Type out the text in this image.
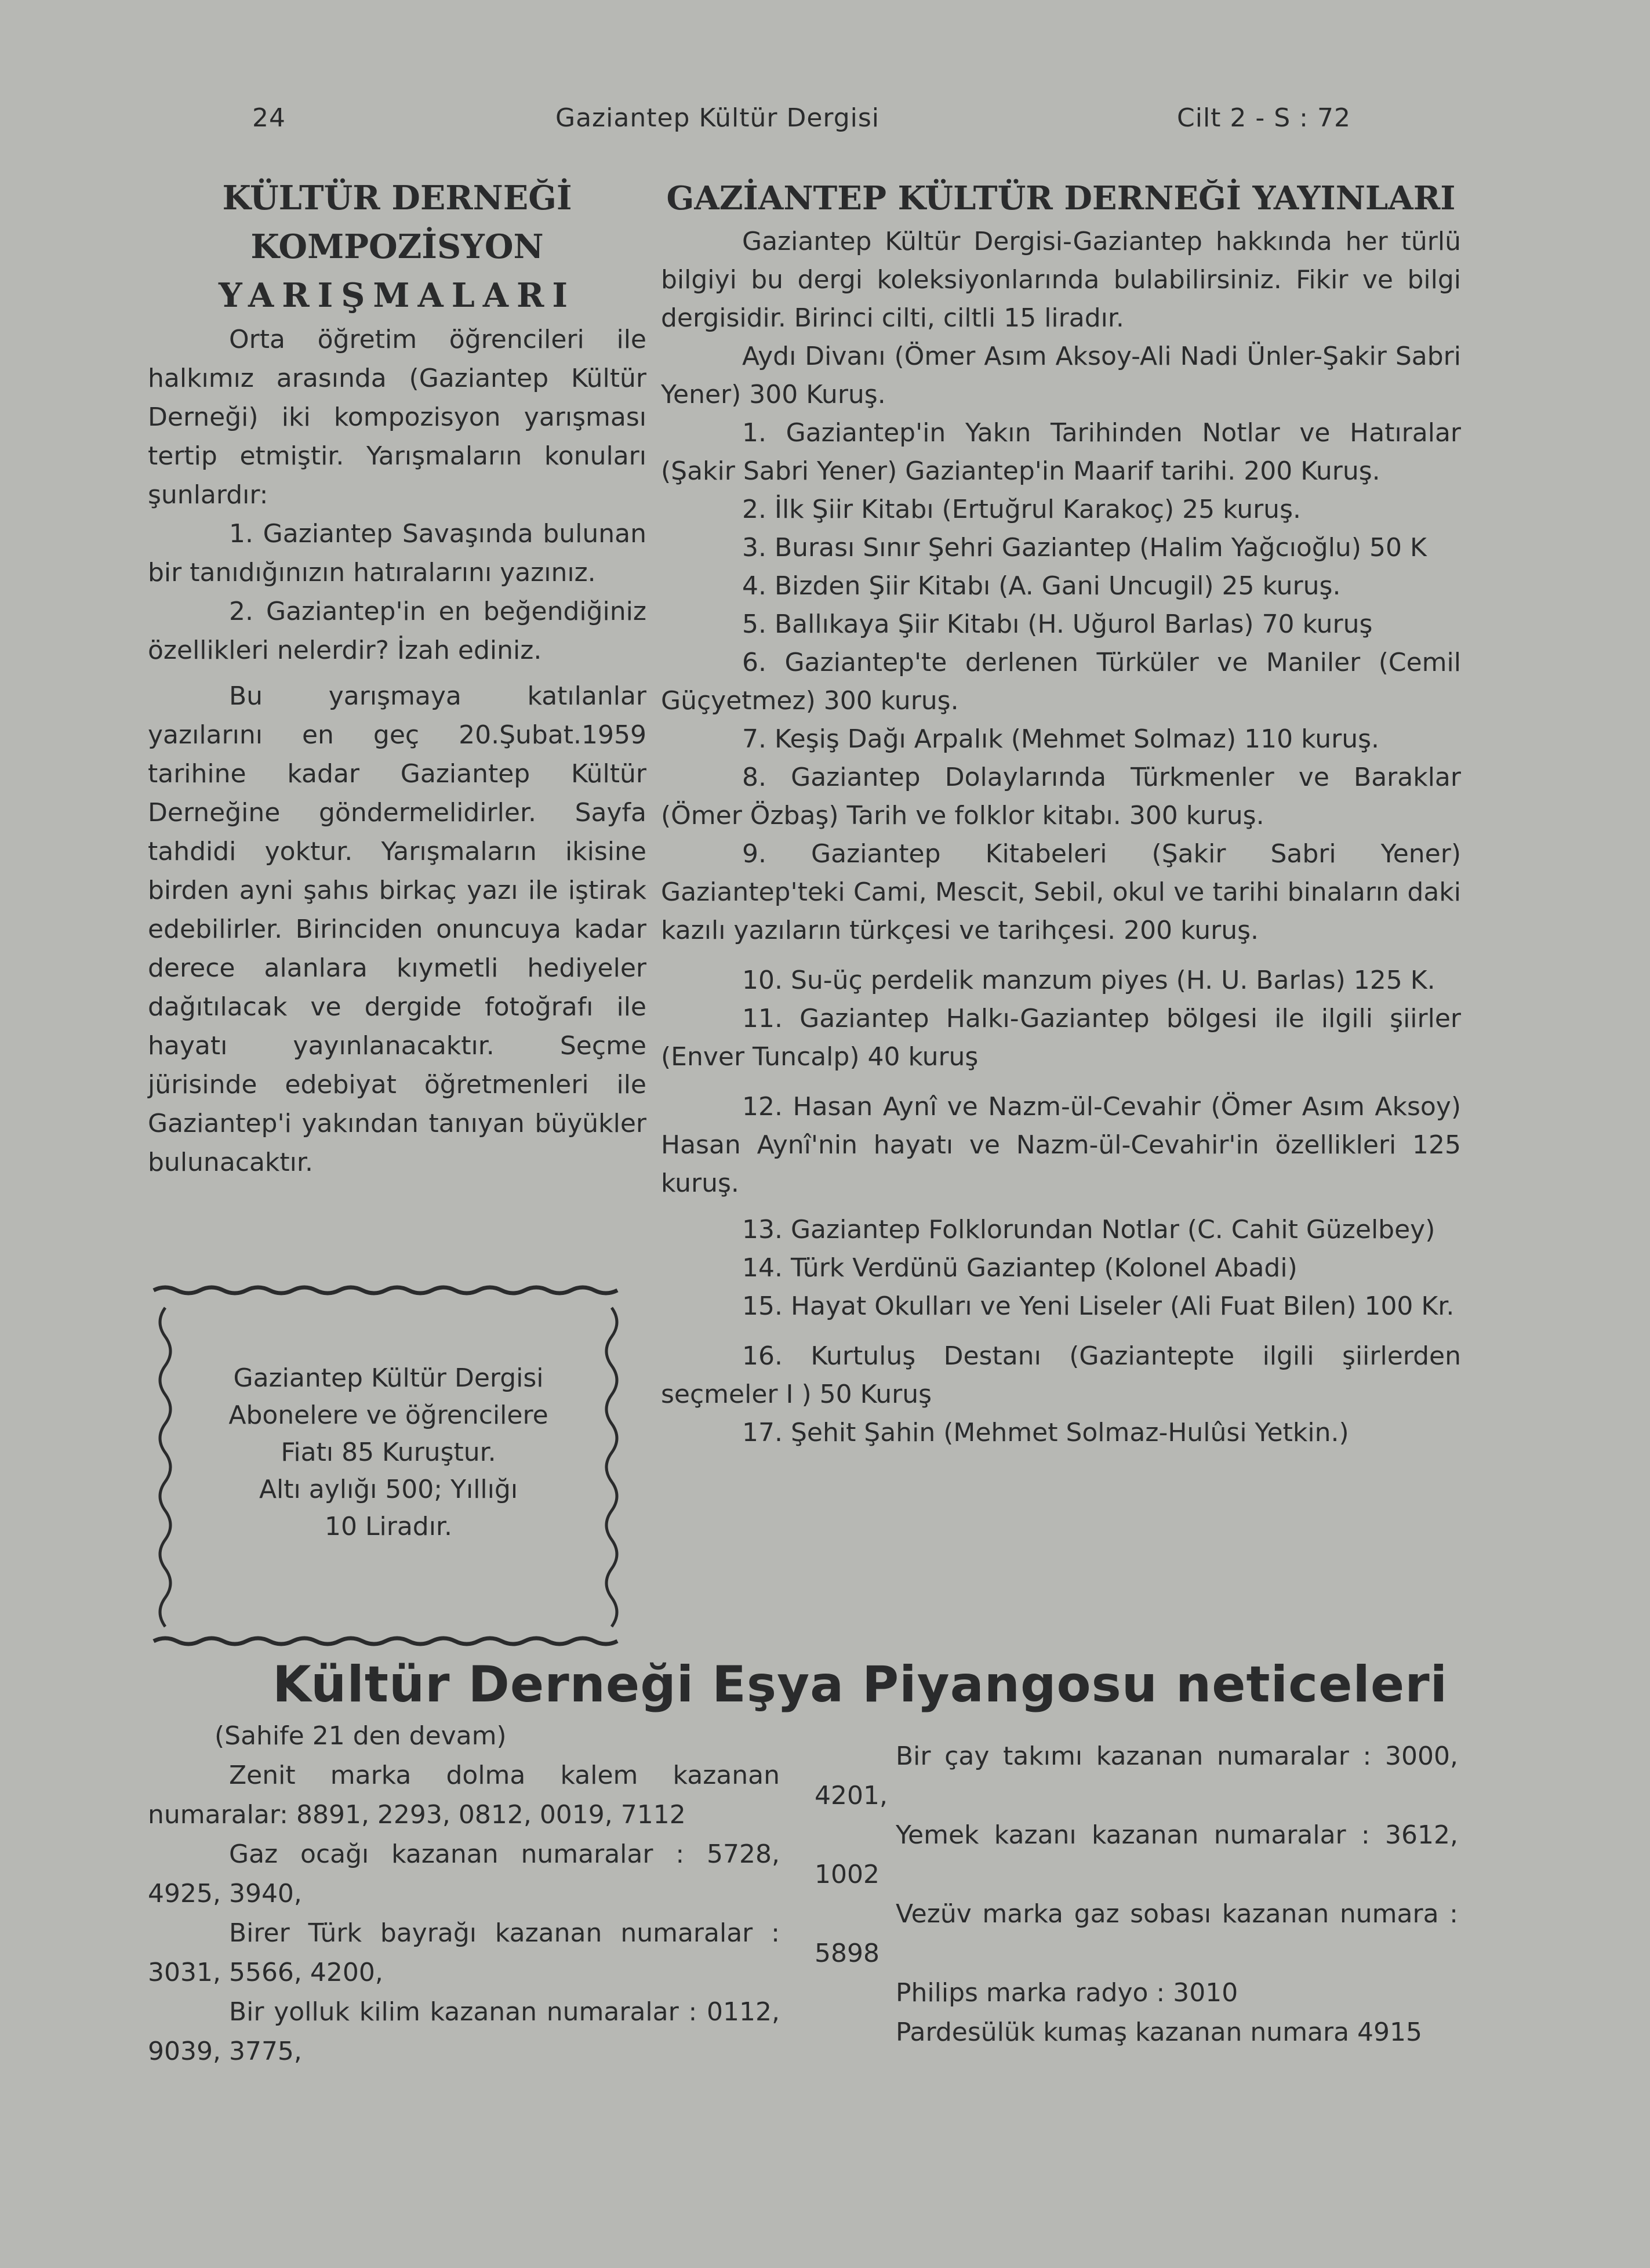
24	Gaziantep Kültür Dergisi	Cilt 2 - S : 72
KÜLTÜR DERNEĞİ
KOMPOZİSYON
YARIŞMALARI

Orta öğretim öğrencileri ile halkımız arasında (Gaziantep Kültür Derneği) iki kompozisyon yarışması tertip etmiştir. Yarışmaların konuları şunlardır:

1. Gaziantep Savaşında bulunan bir tanıdığınızın hatıralarını yazınız.

2. Gaziantep'in en beğendiğiniz özellikleri nelerdir? İzah ediniz.

Bu yarışmaya katılanlar yazılarını en geç 20.Şubat.1959 tarihine kadar Gaziantep Kültür Derneğine göndermelidirler. Sayfa tahdidi yoktur. Yarışmaların ikisine birden ayni şahıs birkaç yazı ile iştirak edebilirler. Birinciden onuncuya kadar derece alanlara kıymetli hediyeler dağıtılacak ve dergide fotoğrafı ile hayatı yayınlanacaktır. Seçme jürisinde edebiyat öğretmenleri ile Gaziantep'i yakından tanıyan büyükler bulunacaktır.

Gaziantep Kültür Dergisi
Abonelere ve öğrencilere
Fiatı 85 Kuruştur.
Altı aylığı 500; Yıllığı
10 Liradır.
GAZİANTEP KÜLTÜR DERNEĞİ YAYINLARI

Gaziantep Kültür Dergisi-Gaziantep hakkında her türlü bilgiyi bu dergi koleksiyonlarında bulabilirsiniz. Fikir ve bilgi dergisidir. Birinci cilti, ciltli 15 liradır.

Aydı Divanı (Ömer Asım Aksoy-Ali Nadi Ünler-Şakir Sabri Yener) 300 Kuruş.

1. Gaziantep'in Yakın Tarihinden Notlar ve Hatıralar (Şakir Sabri Yener) Gaziantep'in Maarif tarihi. 200 Kuruş.

2. İlk Şiir Kitabı (Ertuğrul Karakoç) 25 kuruş.

3. Burası Sınır Şehri Gaziantep (Halim Yağcıoğlu) 50 K

4. Bizden Şiir Kitabı (A. Gani Uncugil) 25 kuruş.

5. Ballıkaya Şiir Kitabı (H. Uğurol Barlas) 70 kuruş

6. Gaziantep'te derlenen Türküler ve Maniler (Cemil Güçyetmez) 300 kuruş.

7. Keşiş Dağı Arpalık (Mehmet Solmaz) 110 kuruş.

8. Gaziantep Dolaylarında Türkmenler ve Baraklar (Ömer Özbaş) Tarih ve folklor kitabı. 300 kuruş.

9. Gaziantep Kitabeleri (Şakir Sabri Yener) Gaziantep'teki Cami, Mescit, Sebil, okul ve tarihi binaların daki kazılı yazıların türkçesi ve tarihçesi. 200 kuruş.

10. Su-üç perdelik manzum piyes (H. U. Barlas) 125 K.

11. Gaziantep Halkı-Gaziantep bölgesi ile ilgili şiirler (Enver Tuncalp) 40 kuruş

12. Hasan Aynî ve Nazm-ül-Cevahir (Ömer Asım Aksoy) Hasan Aynî'nin hayatı ve Nazm-ül-Cevahir'in özellikleri 125 kuruş.

13. Gaziantep Folklorundan Notlar (C. Cahit Güzelbey)

14. Türk Verdünü Gaziantep (Kolonel Abadi)

15. Hayat Okulları ve Yeni Liseler (Ali Fuat Bilen) 100 Kr.

16. Kurtuluş Destanı (Gaziantepte ilgili şiirlerden seçmeler I ) 50 Kuruş

17. Şehit Şahin (Mehmet Solmaz-Hulûsi Yetkin.)

Kültür Derneği Eşya Piyangosu neticeleri

(Sahife 21 den devam)

Zenit marka dolma kalem kazanan numaralar: 8891, 2293, 0812, 0019, 7112

Gaz ocağı kazanan numaralar : 5728, 4925, 3940,

Birer Türk bayrağı kazanan numaralar : 3031, 5566, 4200,

Bir yolluk kilim kazanan numaralar : 0112, 9039, 3775,

Bir çay takımı kazanan numaralar : 3000, 4201,

Yemek kazanı kazanan numaralar : 3612, 1002

Vezüv marka gaz sobası kazanan numara : 5898

Philips marka radyo : 3010

Pardesülük kumaş kazanan numara 4915
